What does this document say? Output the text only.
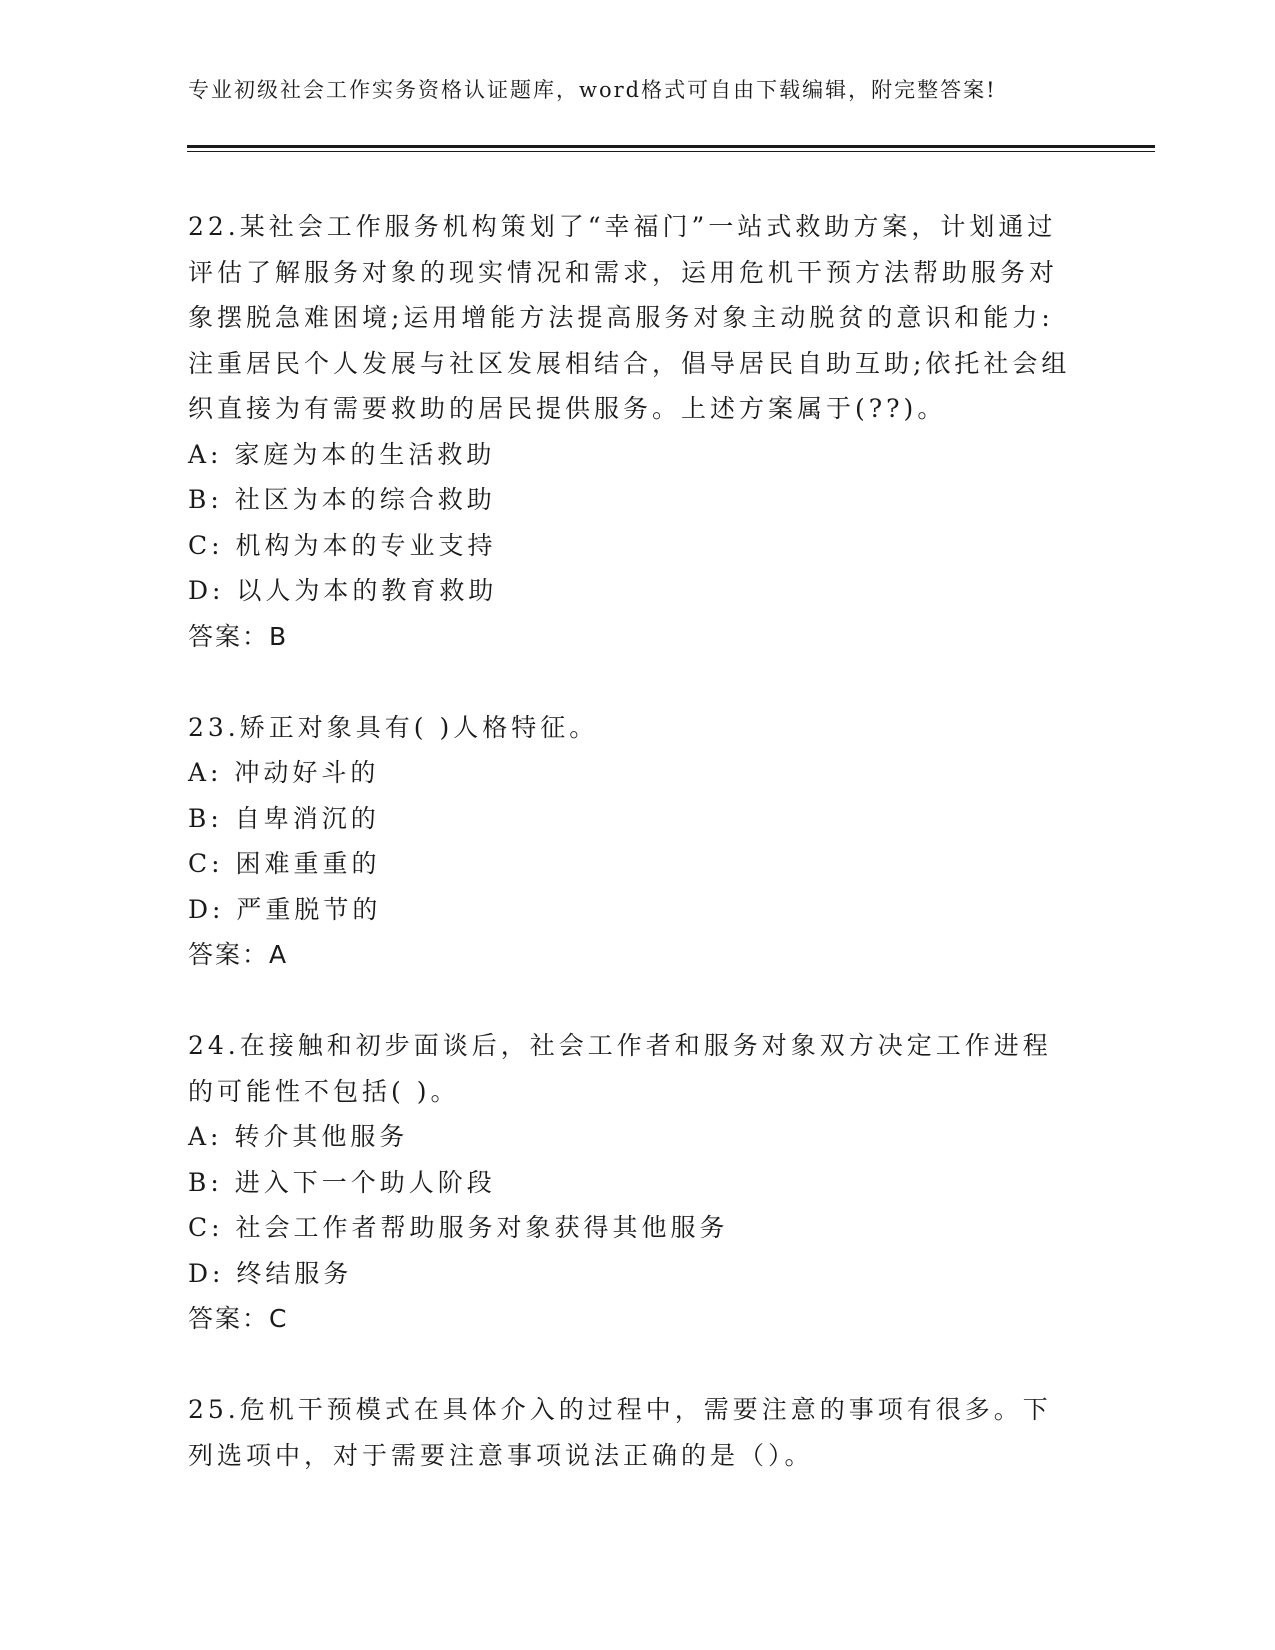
专业初级社会工作实务资格认证题库，word格式可自由下载编辑，附完整答案!

22.某社会工作服务机构策划了“幸福门”一站式救助方案，计划通过评估了解服务对象的现实情况和需求，运用危机干预方法帮助服务对象摆脱急难困境;运用增能方法提高服务对象主动脱贫的意识和能力:注重居民个人发展与社区发展相结合，倡导居民自助互助;依托社会组织直接为有需要救助的居民提供服务。上述方案属于(??)。

A: 家庭为本的生活救助

B: 社区为本的综合救助

C: 机构为本的专业支持

D: 以人为本的教育救助

答案：B

23.矫正对象具有( )人格特征。

A: 冲动好斗的

B: 自卑消沉的

C: 困难重重的

D: 严重脱节的

答案：A

24.在接触和初步面谈后，社会工作者和服务对象双方决定工作进程的可能性不包括( )。

A: 转介其他服务

B: 进入下一个助人阶段

C: 社会工作者帮助服务对象获得其他服务

D: 终结服务

答案：C

25.危机干预模式在具体介入的过程中，需要注意的事项有很多。下列选项中，对于需要注意事项说法正确的是（）。
